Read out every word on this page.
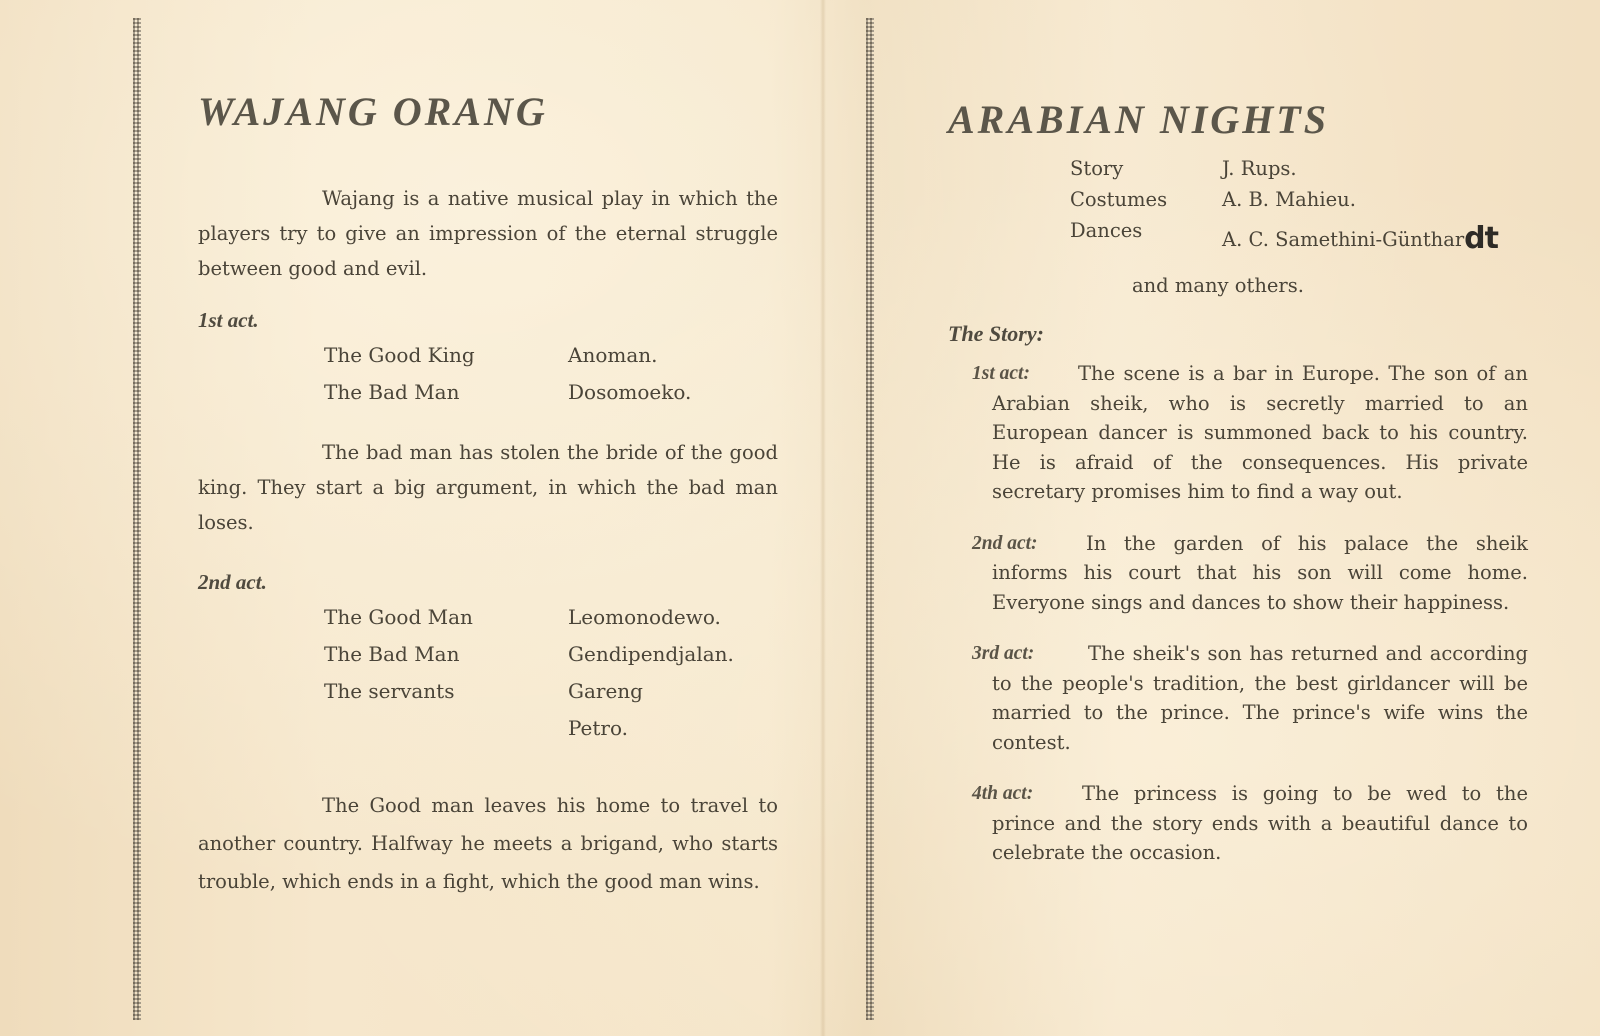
WAJANG ORANG

Wajang is a native musical play in which the players try to give an impression of the eternal struggle between good and evil.

1st act.

The Good King	Anoman.
The Bad Man	Dosomoeko.

The bad man has stolen the bride of the good king. They start a big argument, in which the bad man loses.

2nd act.

The Good Man	Leomonodewo.
The Bad Man	Gendipendjalan.
The servants	Gareng
Petro.

The Good man leaves his home to travel to another country. Halfway he meets a brigand, who starts trouble, which ends in a fight, which the good man wins.

ARABIAN NIGHTS
Story	J. Rups.
Costumes	A. B. Mahieu.
Dances	A. C. Samethini-Günthardt

and many others.

The Story:

1st act: The scene is a bar in Europe. The son of an Arabian sheik, who is secretly married to an European dancer is summoned back to his country. He is afraid of the consequences. His private secretary promises him to find a way out.

2nd act: In the garden of his palace the sheik informs his court that his son will come home. Everyone sings and dances to show their happiness.

3rd act:	The sheik's son has returned and according to the people's tradition, the best girldancer will be married to the prince. The prince's wife wins the contest.

4th act:	The princess is going to be wed to the prince and the story ends with a beautiful dance to celebrate the occasion.
